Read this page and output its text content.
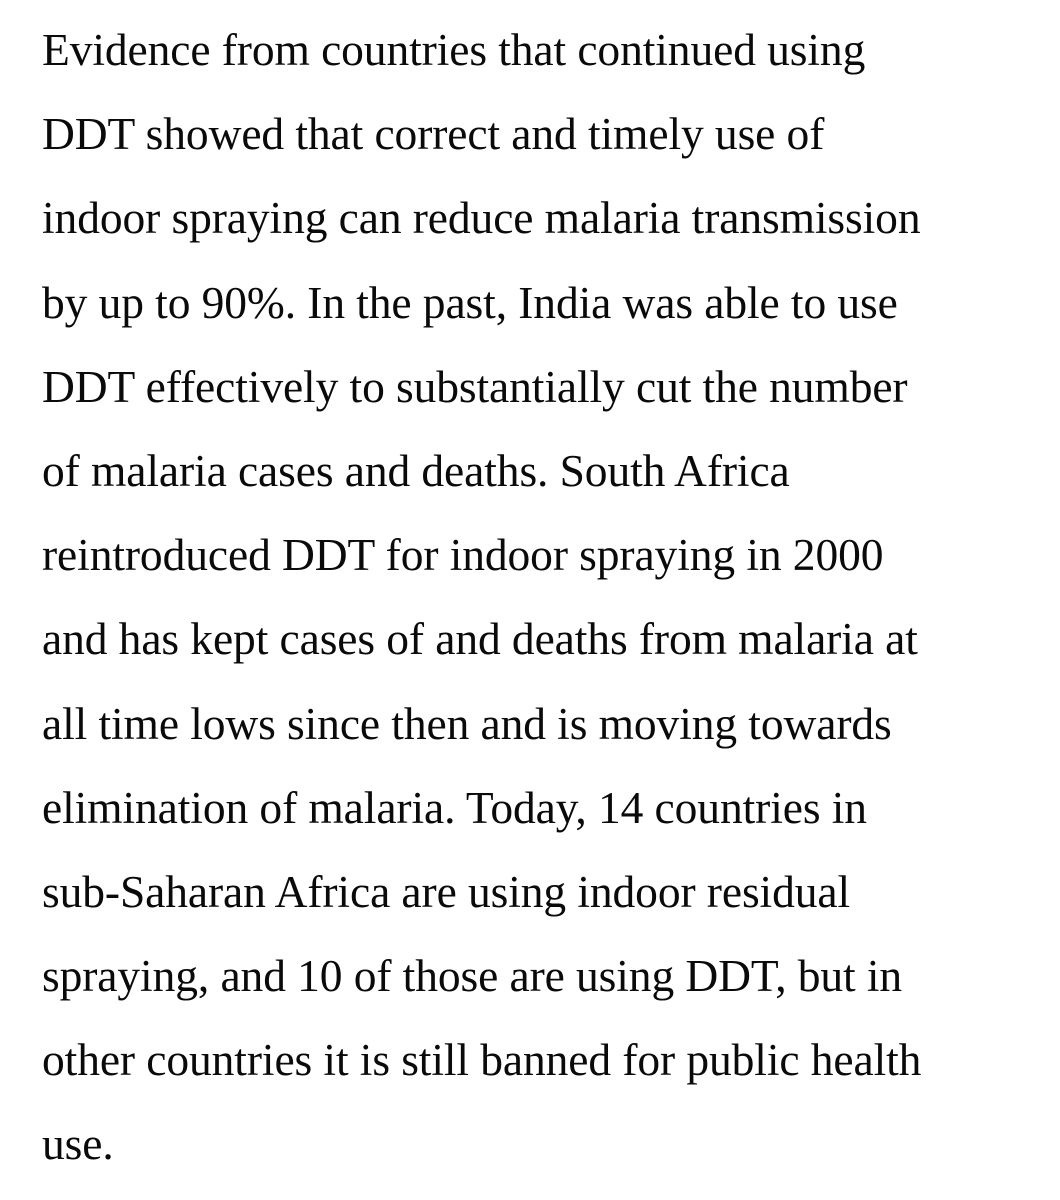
Evidence from countries that continued using
DDT showed that correct and timely use of
indoor spraying can reduce malaria transmission
by up to 90%. In the past, India was able to use
DDT effectively to substantially cut the number
of malaria cases and deaths. South Africa
reintroduced DDT for indoor spraying in 2000
and has kept cases of and deaths from malaria at
all time lows since then and is moving towards
elimination of malaria. Today, 14 countries in
sub-Saharan Africa are using indoor residual
spraying, and 10 of those are using DDT, but in
other countries it is still banned for public health
use.
